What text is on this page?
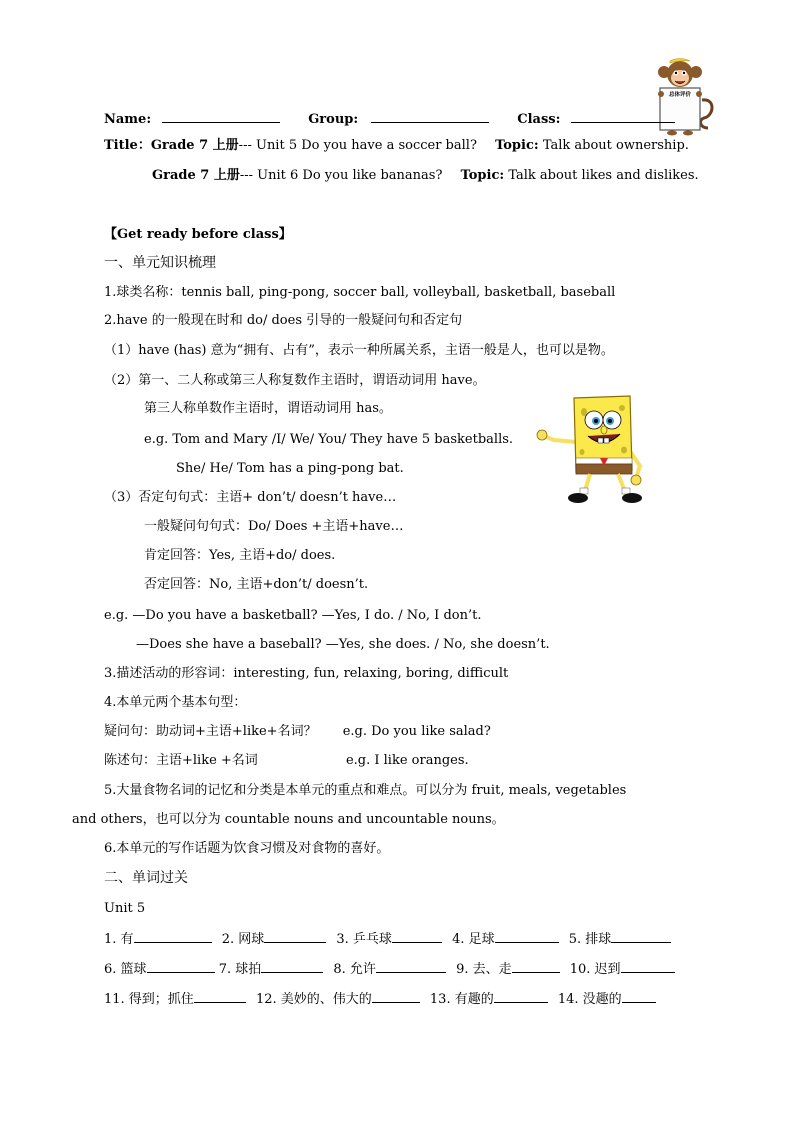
总体评价
Name:	Group:	Class:
Title：Grade 7 上册--- Unit 5 Do you have a soccer ball? Topic: Talk about ownership.
Grade 7 上册--- Unit 6 Do you like bananas? Topic: Talk about likes and dislikes.
【Get ready before class】
一、单元知识梳理
1.球类名称：tennis ball, ping-pong, soccer ball, volleyball, basketball, baseball
2.have 的一般现在时和 do/ does 引导的一般疑问句和否定句
（1）have (has) 意为“拥有、占有”，表示一种所属关系，主语一般是人，也可以是物。
（2）第一、二人称或第三人称复数作主语时，谓语动词用 have。
第三人称单数作主语时，谓语动词用 has。
e.g. Tom and Mary /I/ We/ You/ They have 5 basketballs.
She/ He/ Tom has a ping-pong bat.
（3）否定句句式：主语+ don’t/ doesn’t have…
一般疑问句句式：Do/ Does +主语+have…
肯定回答：Yes, 主语+do/ does.
否定回答：No, 主语+don’t/ doesn’t.
e.g. —Do you have a basketball? —Yes, I do. / No, I don’t.
—Does she have a baseball? —Yes, she does. / No, she doesn’t.
3.描述活动的形容词：interesting, fun, relaxing, boring, difficult
4.本单元两个基本句型：
疑问句：助动词+主语+like+名词？ e.g. Do you like salad?
陈述句：主语+like +名词	e.g. I like oranges.
5.大量食物名词的记忆和分类是本单元的重点和难点。可以分为 fruit, meals, vegetables
and others，也可以分为 countable nouns and uncountable nouns。
6.本单元的写作话题为饮食习惯及对食物的喜好。
二、单词过关
Unit 5
1. 有	2. 网球	3. 乒乓球	4. 足球	5. 排球
6. 篮球	7. 球拍	8. 允许	9. 去、走	10. 迟到
11. 得到；抓住	12. 美妙的、伟大的	13. 有趣的	14. 没趣的
